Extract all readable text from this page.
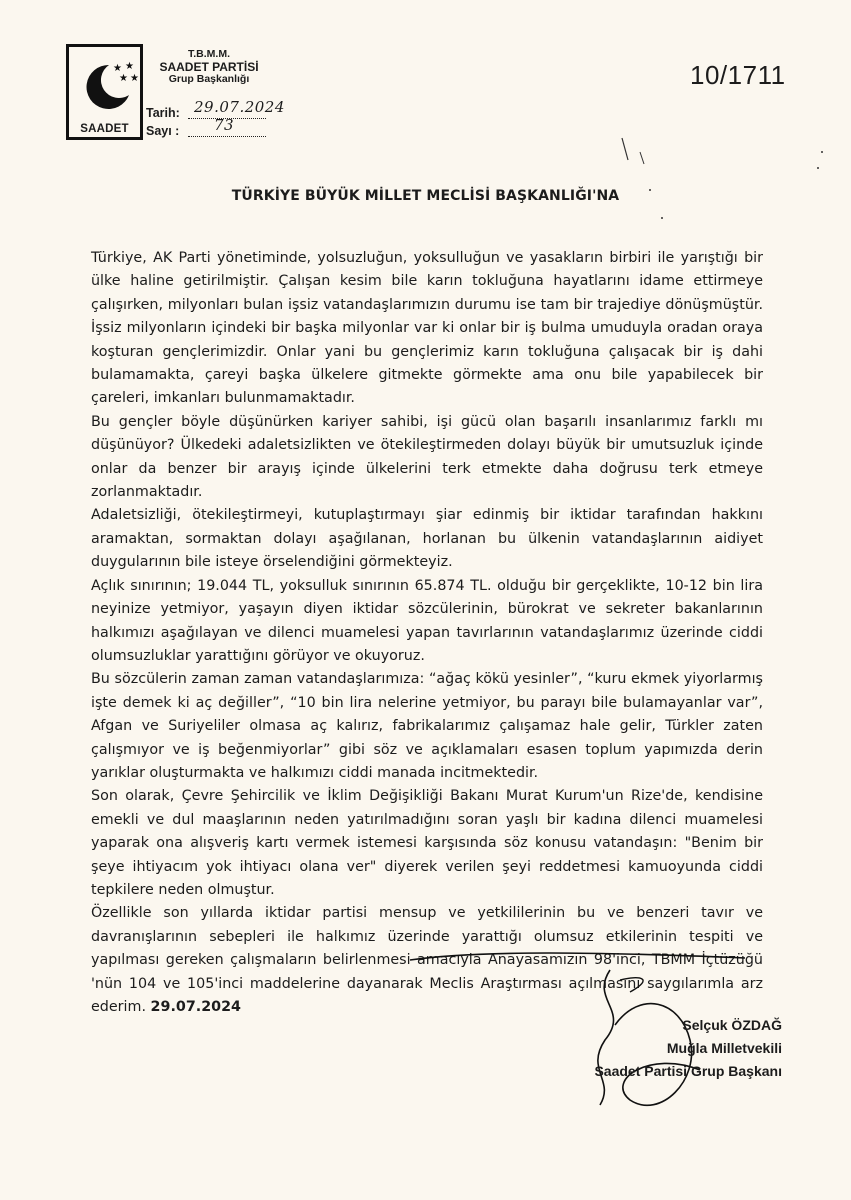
★ ★
★ ★
SAADET
T.B.M.M.
SAADET PARTİSİ
Grup Başkanlığı
Tarih: 29.07.2024
Sayı : 73
10/1711
TÜRKİYE BÜYÜK MİLLET MECLİSİ BAŞKANLIĞI'NA

Türkiye, AK Parti yönetiminde, yolsuzluğun, yoksulluğun ve yasakların birbiri ile yarıştığı bir ülke haline getirilmiştir. Çalışan kesim bile karın tokluğuna hayatlarını idame ettirmeye çalışırken, milyonları bulan işsiz vatandaşlarımızın durumu ise tam bir trajediye dönüşmüştür. İşsiz milyonların içindeki bir başka milyonlar var ki onlar bir iş bulma umuduyla oradan oraya koşturan gençlerimizdir. Onlar yani bu gençlerimiz karın tokluğuna çalışacak bir iş dahi bulamamakta, çareyi başka ülkelere gitmekte görmekte ama onu bile yapabilecek bir çareleri, imkanları bulunmamaktadır.

Bu gençler böyle düşünürken kariyer sahibi, işi gücü olan başarılı insanlarımız farklı mı düşünüyor? Ülkedeki adaletsizlikten ve ötekileştirmeden dolayı büyük bir umutsuzluk içinde onlar da benzer bir arayış içinde ülkelerini terk etmekte daha doğrusu terk etmeye zorlanmaktadır.

Adaletsizliği, ötekileştirmeyi, kutuplaştırmayı şiar edinmiş bir iktidar tarafından hakkını aramaktan, sormaktan dolayı aşağılanan, horlanan bu ülkenin vatandaşlarının aidiyet duygularının bile isteye örselendiğini görmekteyiz.

Açlık sınırının; 19.044 TL, yoksulluk sınırının 65.874 TL. olduğu bir gerçeklikte, 10-12 bin lira neyinize yetmiyor, yaşayın diyen iktidar sözcülerinin, bürokrat ve sekreter bakanlarının halkımızı aşağılayan ve dilenci muamelesi yapan tavırlarının vatandaşlarımız üzerinde ciddi olumsuzluklar yarattığını görüyor ve okuyoruz.

Bu sözcülerin zaman zaman vatandaşlarımıza: “ağaç kökü yesinler”, “kuru ekmek yiyorlarmış işte demek ki aç değiller”, “10 bin lira nelerine yetmiyor, bu parayı bile bulamayanlar var”, Afgan ve Suriyeliler olmasa aç kalırız, fabrikalarımız çalışamaz hale gelir, Türkler zaten çalışmıyor ve iş beğenmiyorlar” gibi söz ve açıklamaları esasen toplum yapımızda derin yarıklar oluşturmakta ve halkımızı ciddi manada incitmektedir.

Son olarak, Çevre Şehircilik ve İklim Değişikliği Bakanı Murat Kurum'un Rize'de, kendisine emekli ve dul maaşlarının neden yatırılmadığını soran yaşlı bir kadına dilenci muamelesi yaparak ona alışveriş kartı vermek istemesi karşısında söz konusu vatandaşın: "Benim bir şeye ihtiyacım yok ihtiyacı olana ver" diyerek verilen şeyi reddetmesi kamuoyunda ciddi tepkilere neden olmuştur.

Özellikle son yıllarda iktidar partisi mensup ve yetkililerinin bu ve benzeri tavır ve davranışlarının sebepleri ile halkımız üzerinde yarattığı olumsuz etkilerinin tespiti ve yapılması gereken çalışmaların belirlenmesi amacıyla Anayasamızın 98'inci, TBMM İçtüzüğü 'nün 104 ve 105'inci maddelerine dayanarak Meclis Araştırması açılmasını saygılarımla arz ederim. 29.07.2024

Selçuk ÖZDAĞ
Muğla Milletvekili
Saadet Partisi Grup Başkanı
